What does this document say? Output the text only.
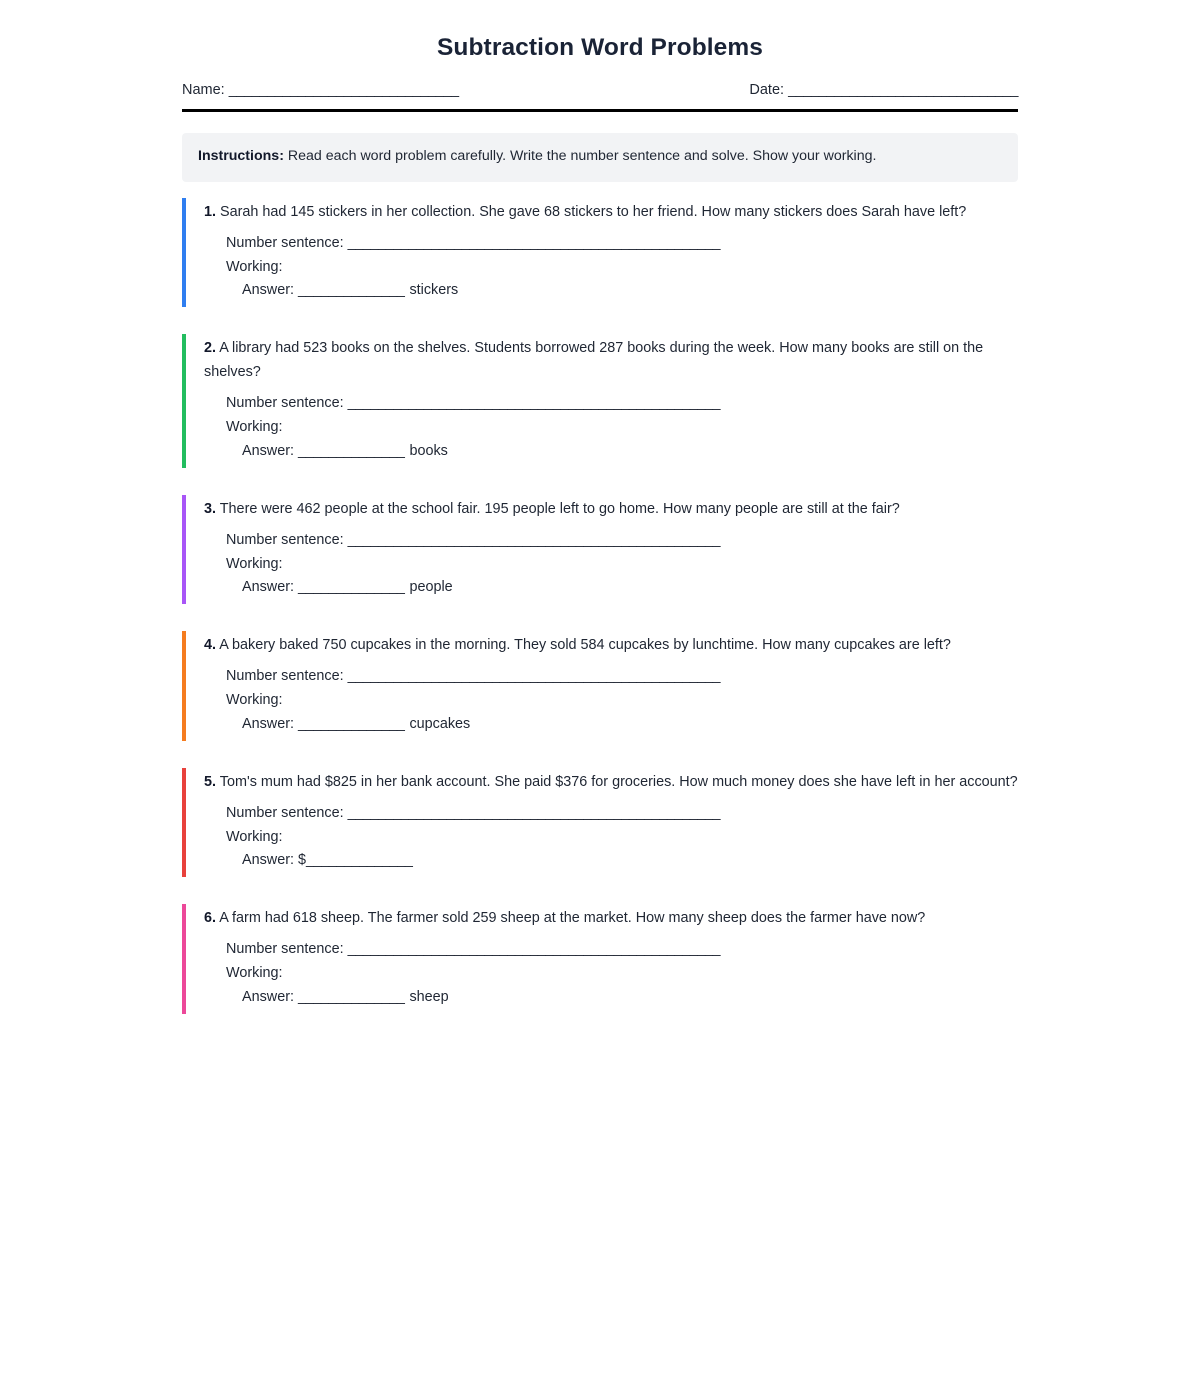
Subtraction Word Problems
Name: ______________________________	Date: ______________________________
Instructions: Read each word problem carefully. Write the number sentence and solve. Show your working.

1. Sarah had 145 stickers in her collection. She gave 68 stickers to her friend. How many stickers does Sarah have left?

Number sentence: _________________________________________________
Working:
Answer: ______________ stickers

2. A library had 523 books on the shelves. Students borrowed 287 books during the week. How many books are still on the shelves?

Number sentence: _________________________________________________
Working:
Answer: ______________ books

3. There were 462 people at the school fair. 195 people left to go home. How many people are still at the fair?

Number sentence: _________________________________________________
Working:
Answer: ______________ people

4. A bakery baked 750 cupcakes in the morning. They sold 584 cupcakes by lunchtime. How many cupcakes are left?

Number sentence: _________________________________________________
Working:
Answer: ______________ cupcakes

5. Tom's mum had $825 in her bank account. She paid $376 for groceries. How much money does she have left in her account?

Number sentence: _________________________________________________
Working:
Answer: $______________

6. A farm had 618 sheep. The farmer sold 259 sheep at the market. How many sheep does the farmer have now?

Number sentence: _________________________________________________
Working:
Answer: ______________ sheep
